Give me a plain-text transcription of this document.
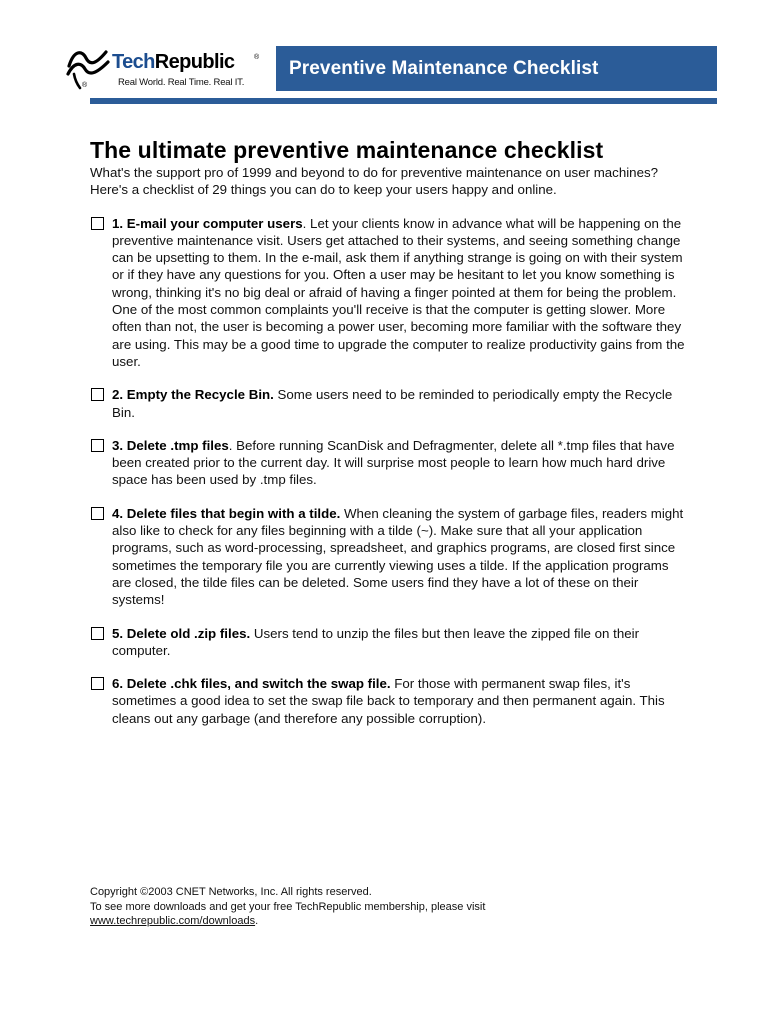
TechRepublic	®
®	Real World. Real Time. Real IT.
Preventive Maintenance Checklist
The ultimate preventive maintenance checklist

What's the support pro of 1999 and beyond to do for preventive maintenance on user machines? Here's a checklist of 29 things you can do to keep your users happy and online.

1. E-mail your computer users. Let your clients know in advance what will be happening on the preventive maintenance visit. Users get attached to their systems, and seeing something change can be upsetting to them. In the e-mail, ask them if anything strange is going on with their system or if they have any questions for you. Often a user may be hesitant to let you know something is wrong, thinking it's no big deal or afraid of having a finger pointed at them for being the problem. One of the most common complaints you'll receive is that the computer is getting slower. More often than not, the user is becoming a power user, becoming more familiar with the software they are using. This may be a good time to upgrade the computer to realize productivity gains from the user.
2. Empty the Recycle Bin. Some users need to be reminded to periodically empty the Recycle Bin.
3. Delete .tmp files. Before running ScanDisk and Defragmenter, delete all *.tmp files that have been created prior to the current day. It will surprise most people to learn how much hard drive space has been used by .tmp files.
4. Delete files that begin with a tilde. When cleaning the system of garbage files, readers might also like to check for any files beginning with a tilde (~). Make sure that all your application programs, such as word-processing, spreadsheet, and graphics programs, are closed first since sometimes the temporary file you are currently viewing uses a tilde. If the application programs are closed, the tilde files can be deleted. Some users find they have a lot of these on their systems!
5. Delete old .zip files. Users tend to unzip the files but then leave the zipped file on their computer.
6. Delete .chk files, and switch the swap file. For those with permanent swap files, it's sometimes a good idea to set the swap file back to temporary and then permanent again. This cleans out any garbage (and therefore any possible corruption).
Copyright ©2003 CNET Networks, Inc. All rights reserved.
To see more downloads and get your free TechRepublic membership, please visit
www.techrepublic.com/downloads.
